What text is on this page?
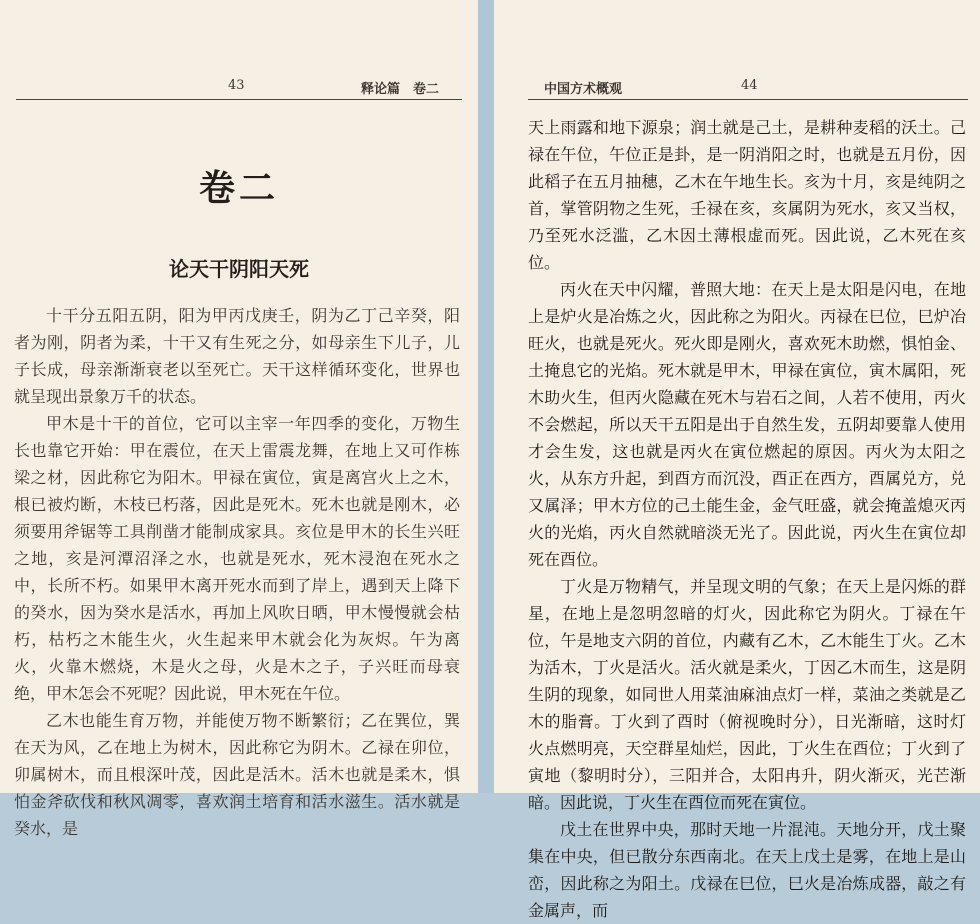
43	释论篇　卷二
卷二
论天干阴阳天死

十干分五阳五阴，阳为甲丙戊庚壬，阴为乙丁己辛癸，阳者为刚，阴者为柔，十干又有生死之分，如母亲生下儿子，儿子长成，母亲渐渐衰老以至死亡。天干这样循环变化，世界也就呈现出景象万千的状态。

甲木是十干的首位，它可以主宰一年四季的变化，万物生长也靠它开始：甲在震位，在天上雷震龙舞，在地上又可作栋梁之材，因此称它为阳木。甲禄在寅位，寅是离宫火上之木，根已被灼断，木枝已朽落，因此是死木。死木也就是刚木，必须要用斧锯等工具削凿才能制成家具。亥位是甲木的长生兴旺之地，亥是河潭沼泽之水，也就是死水，死木浸泡在死水之中，长所不朽。如果甲木离开死水而到了岸上，遇到天上降下的癸水，因为癸水是活水，再加上风吹日晒，甲木慢慢就会枯朽，枯朽之木能生火，火生起来甲木就会化为灰烬。午为离火，火靠木燃烧，木是火之母，火是木之子，子兴旺而母衰绝，甲木怎会不死呢？因此说，甲木死在午位。

乙木也能生育万物，并能使万物不断繁衍；乙在巽位，巽在天为风，乙在地上为树木，因此称它为阴木。乙禄在卯位，卯属树木，而且根深叶茂，因此是活木。活木也就是柔木，惧怕金斧砍伐和秋风凋零，喜欢润土培育和活水滋生。活水就是癸水，是

中国方术概观	44

天上雨露和地下源泉；润土就是己土，是耕种麦稻的沃土。己禄在午位，午位正是卦，是一阴消阳之时，也就是五月份，因此稻子在五月抽穗，乙木在午地生长。亥为十月，亥是纯阴之首，掌管阴物之生死，壬禄在亥，亥属阴为死水，亥又当权，乃至死水泛滥，乙木因土薄根虚而死。因此说，乙木死在亥位。

丙火在天中闪耀，普照大地：在天上是太阳是闪电，在地上是炉火是冶炼之火，因此称之为阳火。丙禄在巳位，巳炉冶旺火，也就是死火。死火即是刚火，喜欢死木助燃，惧怕金、土掩息它的光焰。死木就是甲木，甲禄在寅位，寅木属阳，死木助火生，但丙火隐藏在死木与岩石之间，人若不使用，丙火不会燃起，所以天干五阳是出于自然生发，五阴却要靠人使用才会生发，这也就是丙火在寅位燃起的原因。丙火为太阳之火，从东方升起，到酉方而沉没，酉正在西方，酉属兑方，兑又属泽；甲木方位的己土能生金，金气旺盛，就会掩盖熄灭丙火的光焰，丙火自然就暗淡无光了。因此说，丙火生在寅位却死在酉位。

丁火是万物精气，并呈现文明的气象；在天上是闪烁的群星，在地上是忽明忽暗的灯火，因此称它为阴火。丁禄在午位，午是地支六阴的首位，内藏有乙木，乙木能生丁火。乙木为活木，丁火是活火。活火就是柔火，丁因乙木而生，这是阴生阴的现象，如同世人用菜油麻油点灯一样，菜油之类就是乙木的脂膏。丁火到了酉时（俯视晚时分），日光渐暗，这时灯火点燃明亮，天空群星灿烂，因此，丁火生在酉位；丁火到了寅地（黎明时分），三阳并合，太阳冉升，阴火渐灭，光芒渐暗。因此说，丁火生在酉位而死在寅位。

戊土在世界中央，那时天地一片混沌。天地分开，戊土聚集在中央，但已散分东西南北。在天上戊土是雾，在地上是山峦，因此称之为阳土。戊禄在巳位，巳火是冶炼成器，敲之有金属声，而
